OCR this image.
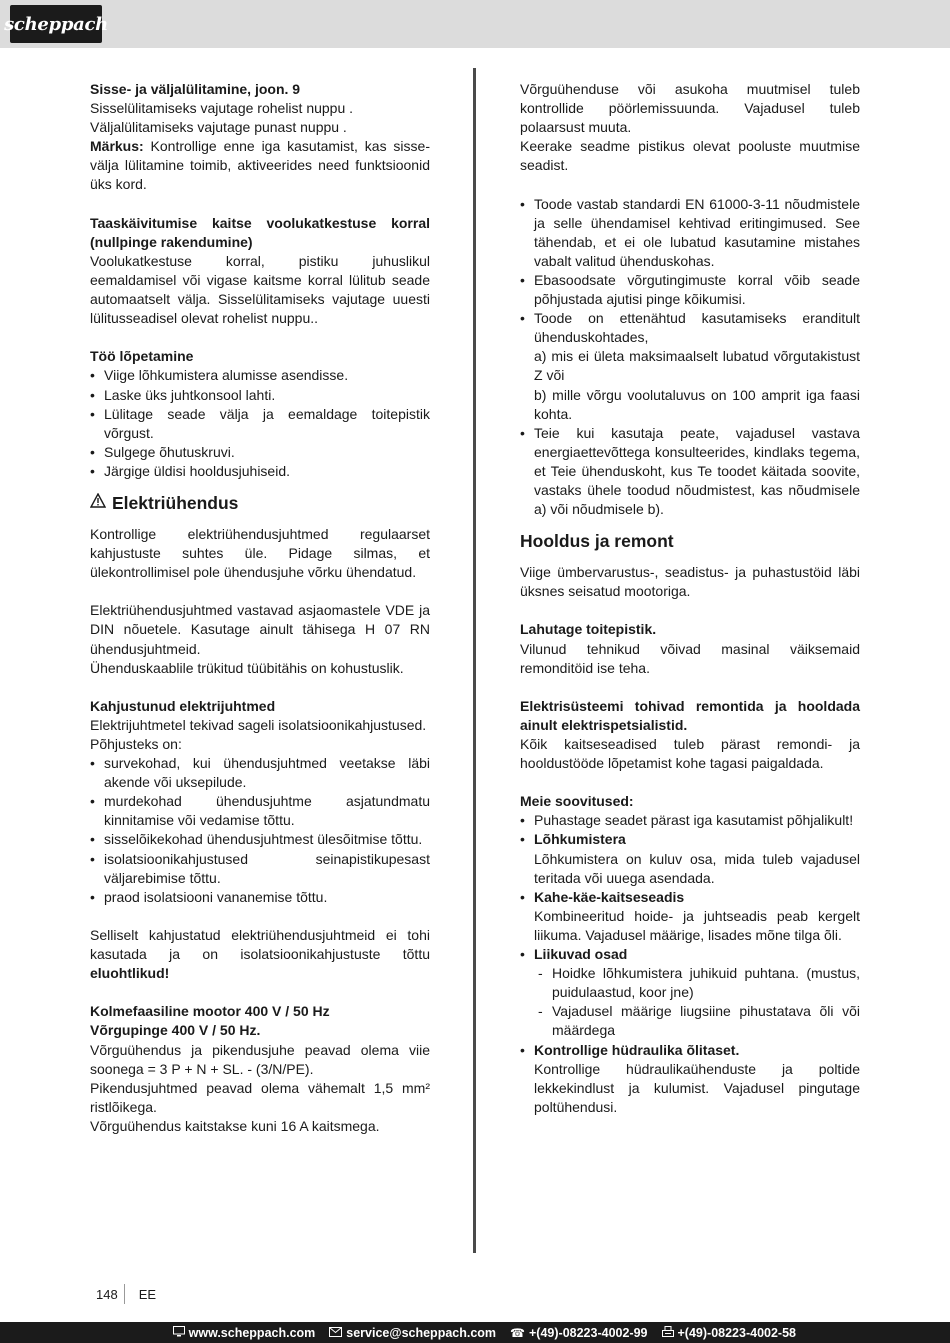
scheppach

Sisse- ja väljalülitamine, joon. 9

Sisselülitamiseks vajutage rohelist nuppu .

Väljalülitamiseks vajutage punast nuppu .

Märkus: Kontrollige enne iga kasutamist, kas sisse-välja lülitamine toimib, aktiveerides need funktsioonid üks kord.

Taaskäivitumise kaitse voolukatkestuse korral (nullpinge rakendumine)

Voolukatkestuse korral, pistiku juhuslikul eemaldamisel või vigase kaitsme korral lülitub seade automaatselt välja. Sisselülitamiseks vajutage uuesti lülitusseadisel olevat rohelist nuppu..

Töö lõpetamine

• Viige lõhkumistera alumisse asendisse.
• Laske üks juhtkonsool lahti.
• Lülitage seade välja ja eemaldage toitepistik võrgust.
• Sulgege õhutuskruvi.
• Järgige üldisi hooldusjuhiseid.
Elektriühendus

Kontrollige elektriühendusjuhtmed regulaarset kahjustuste suhtes üle. Pidage silmas, et ülekontrollimisel pole ühendusjuhe võrku ühendatud.

Elektriühendusjuhtmed vastavad asjaomastele VDE ja DIN nõuetele. Kasutage ainult tähisega H 07 RN ühendusjuhtmeid.

Ühenduskaablile trükitud tüübitähis on kohustuslik.

Kahjustunud elektrijuhtmed

Elektrijuhtmetel tekivad sageli isolatsioonikahjustused.

Põhjusteks on:

• survekohad, kui ühendusjuhtmed veetakse läbi akende või uksepilude.
• murdekohad ühendusjuhtme asjatundmatu kinnitamise või vedamise tõttu.
• sisselõikekohad ühendusjuhtmest ülesõitmise tõttu.
• isolatsioonikahjustused seinapistikupesast väljarebimise tõttu.
• praod isolatsiooni vananemise tõttu.

Selliselt kahjustatud elektriühendusjuhtmeid ei tohi kasutada ja on isolatsioonikahjustuste tõttu eluohtlikud!

Kolmefaasiline mootor 400 V / 50 Hz

Võrgupinge 400 V / 50 Hz.

Võrguühendus ja pikendusjuhe peavad olema viie soonega = 3 P + N + SL. - (3/N/PE).

Pikendusjuhtmed peavad olema vähemalt 1,5 mm² ristlõikega.

Võrguühendus kaitstakse kuni 16 A kaitsmega.

Võrguühenduse või asukoha muutmisel tuleb kontrollide pöörlemissuunda. Vajadusel tuleb polaarsust muuta.

Keerake seadme pistikus olevat pooluste muutmise seadist.

• Toode vastab standardi EN 61000-3-11 nõudmistele ja selle ühendamisel kehtivad eritingimused. See tähendab, et ei ole lubatud kasutamine mistahes vabalt valitud ühenduskohas.
• Ebasoodsate võrgutingimuste korral võib seade põhjustada ajutisi pinge kõikumisi.
• Toode on ettenähtud kasutamiseks eranditult ühenduskohtades,
a) mis ei ületa maksimaalselt lubatud võrgutakistust Z või
b) mille võrgu voolutaluvus on 100 amprit iga faasi kohta.
• Teie kui kasutaja peate, vajadusel vastava energiaettevõttega konsulteerides, kindlaks tegema, et Teie ühenduskoht, kus Te toodet käitada soovite, vastaks ühele toodud nõudmistest, kas nõudmisele a) või nõudmisele b).
Hooldus ja remont

Viige ümbervarustus-, seadistus- ja puhastustöid läbi üksnes seisatud mootoriga.

Lahutage toitepistik.

Vilunud tehnikud võivad masinal väiksemaid remonditöid ise teha.

Elektrisüsteemi tohivad remontida ja hooldada ainult elektrispetsialistid.

Kõik kaitseseadised tuleb pärast remondi- ja hooldustööde lõpetamist kohe tagasi paigaldada.

Meie soovitused:

• Puhastage seadet pärast iga kasutamist põhjalikult!
• Lõhkumistera
Lõhkumistera on kuluv osa, mida tuleb vajadusel teritada või uuega asendada.
• Kahe-käe-kaitseseadis
Kombineeritud hoide- ja juhtseadis peab kergelt liikuma. Vajadusel määrige, lisades mõne tilga õli.
• Liikuvad osad
- Hoidke lõhkumistera juhikuid puhtana. (mustus, puidulaastud, koor jne)
- Vajadusel määrige liugsiine pihustatava õli või määrdega
• Kontrollige hüdraulika õlitaset.
Kontrollige hüdraulikaühenduste ja poltide lekkekindlust ja kulumist. Vajadusel pingutage poltühendusi.
148 EE
www.scheppach.com service@scheppach.com ☎ +(49)-08223-4002-99 +(49)-08223-4002-58
